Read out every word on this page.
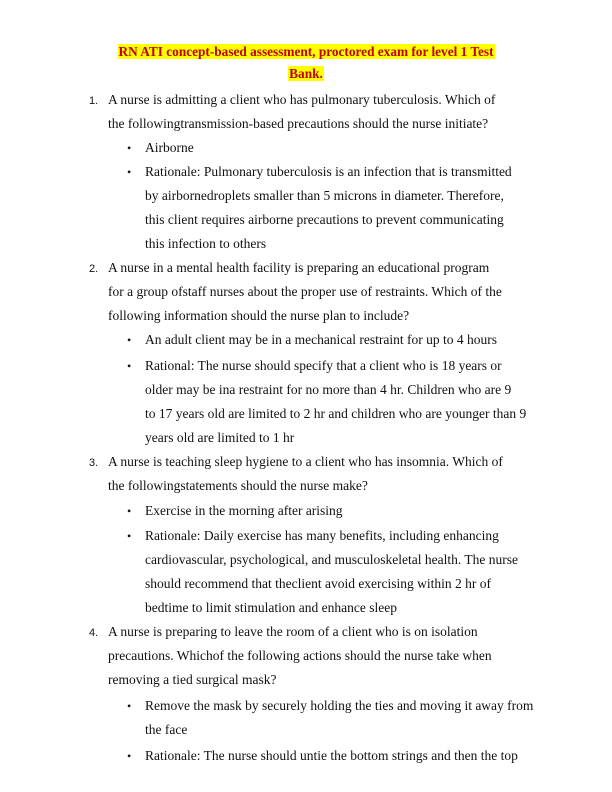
RN ATI concept-based assessment, proctored exam for level 1 Test
Bank.
1. A nurse is admitting a client who has pulmonary tuberculosis. Which of
the followingtransmission-based precautions should the nurse initiate?
• Airborne
• Rationale: Pulmonary tuberculosis is an infection that is transmitted
by airbornedroplets smaller than 5 microns in diameter. Therefore,
this client requires airborne precautions to prevent communicating
this infection to others
2. A nurse in a mental health facility is preparing an educational program
for a group ofstaff nurses about the proper use of restraints. Which of the
following information should the nurse plan to include?
• An adult client may be in a mechanical restraint for up to 4 hours
• Rational: The nurse should specify that a client who is 18 years or
older may be ina restraint for no more than 4 hr. Children who are 9
to 17 years old are limited to 2 hr and children who are younger than 9
years old are limited to 1 hr
3. A nurse is teaching sleep hygiene to a client who has insomnia. Which of
the followingstatements should the nurse make?
• Exercise in the morning after arising
• Rationale: Daily exercise has many benefits, including enhancing
cardiovascular, psychological, and musculoskeletal health. The nurse
should recommend that theclient avoid exercising within 2 hr of
bedtime to limit stimulation and enhance sleep
4. A nurse is preparing to leave the room of a client who is on isolation
precautions. Whichof the following actions should the nurse take when
removing a tied surgical mask?
• Remove the mask by securely holding the ties and moving it away from
the face
• Rationale: The nurse should untie the bottom strings and then the top
